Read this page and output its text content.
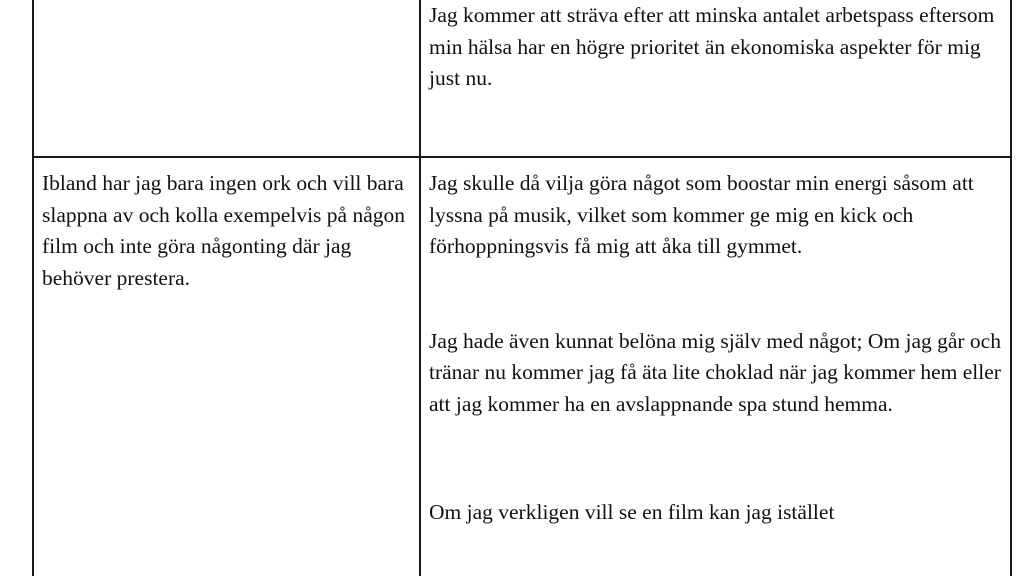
	Jag kommer att sträva efter att minska antalet arbetspass eftersom min hälsa har en högre prioritet än ekonomiska aspekter för mig just nu.

Ibland har jag bara ingen ork och vill bara slappna av och kolla exempelvis på någon film och inte göra någonting där jag behöver prestera.	Jag skulle då vilja göra något som boostar min energi såsom att lyssna på musik, vilket som kommer ge mig en kick och förhoppningsvis få mig att åka till gymmet.

Jag hade även kunnat belöna mig själv med något; Om jag går och tränar nu kommer jag få äta lite choklad när jag kommer hem eller att jag kommer ha en avslappnande spa stund hemma.

Om jag verkligen vill se en film kan jag istället
